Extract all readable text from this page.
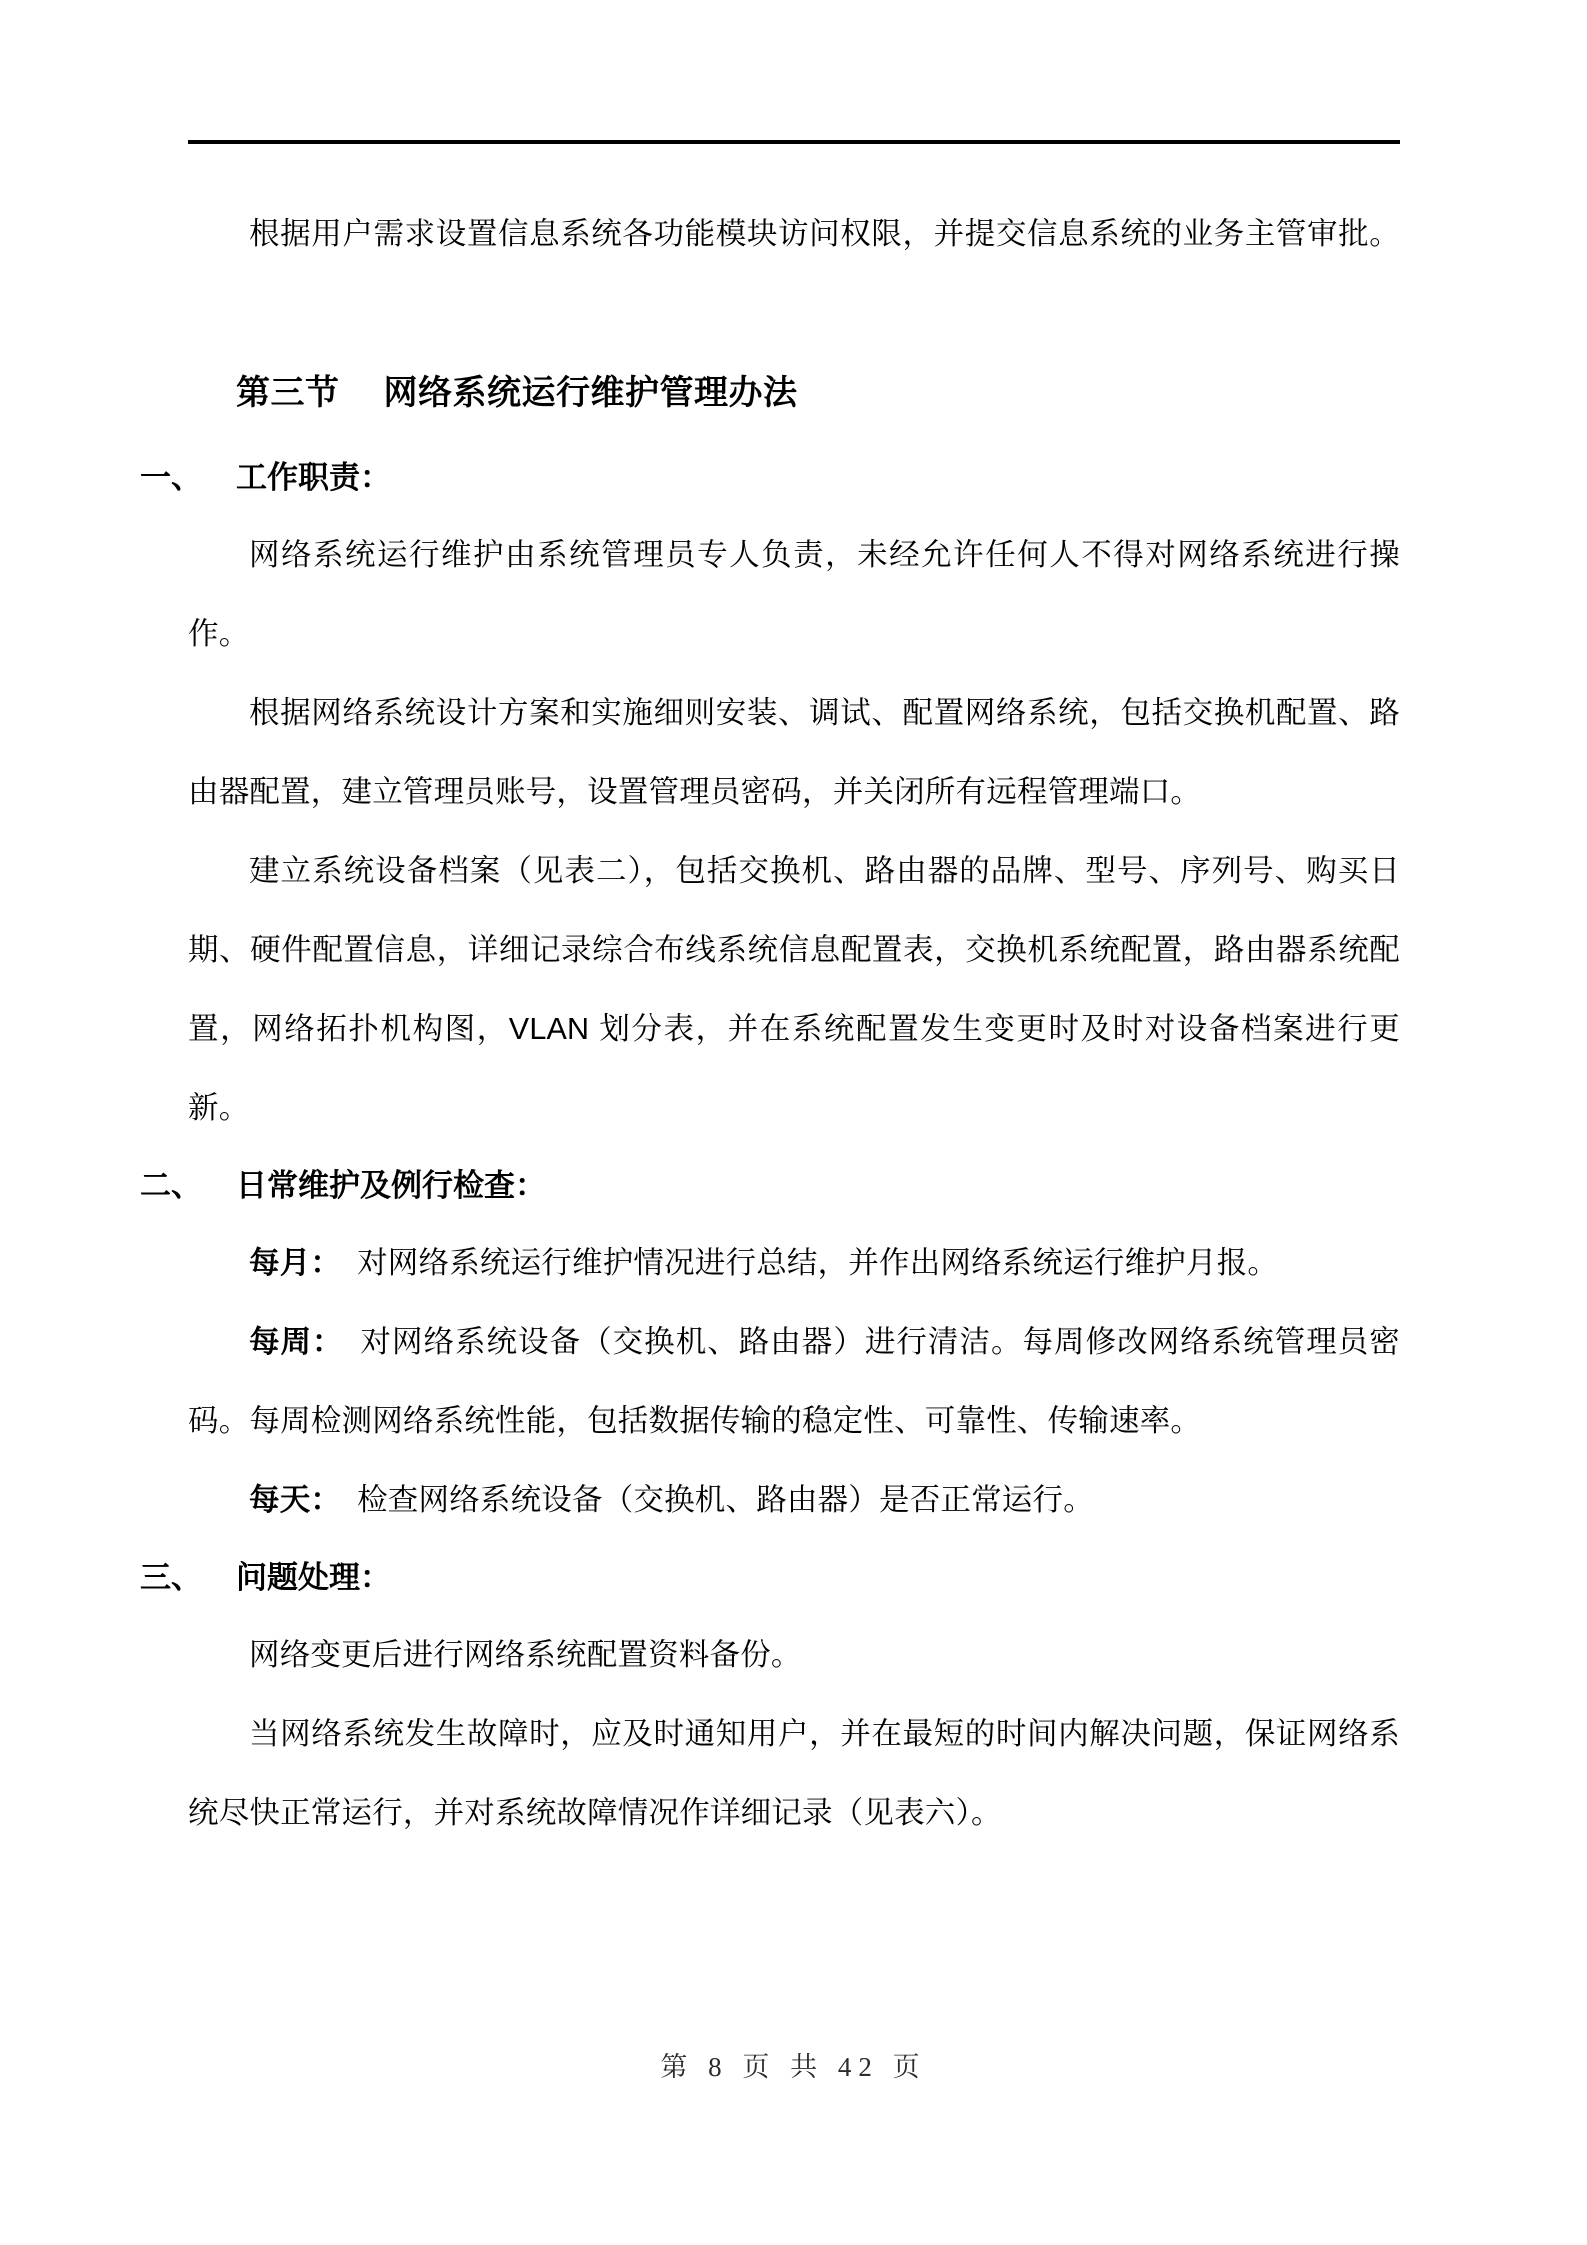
根据用户需求设置信息系统各功能模块访问权限，并提交信息系统的业务主管审批。

第三节 网络系统运行维护管理办法
一、	工作职责：

网络系统运行维护由系统管理员专人负责，未经允许任何人不得对网络系统进行操作。

根据网络系统设计方案和实施细则安装、调试、配置网络系统，包括交换机配置、路由器配置，建立管理员账号，设置管理员密码，并关闭所有远程管理端口。

建立系统设备档案（见表二），包括交换机、路由器的品牌、型号、序列号、购买日期、硬件配置信息，详细记录综合布线系统信息配置表，交换机系统配置，路由器系统配置，网络拓扑机构图，VLAN 划分表，并在系统配置发生变更时及时对设备档案进行更新。

二、	日常维护及例行检查：

每月： 对网络系统运行维护情况进行总结，并作出网络系统运行维护月报。

每周： 对网络系统设备（交换机、路由器）进行清洁。每周修改网络系统管理员密码。每周检测网络系统性能，包括数据传输的稳定性、可靠性、传输速率。

每天： 检查网络系统设备（交换机、路由器）是否正常运行。

三、	问题处理：

网络变更后进行网络系统配置资料备份。

当网络系统发生故障时，应及时通知用户，并在最短的时间内解决问题，保证网络系统尽快正常运行，并对系统故障情况作详细记录（见表六）。

第 8 页 共 42 页
